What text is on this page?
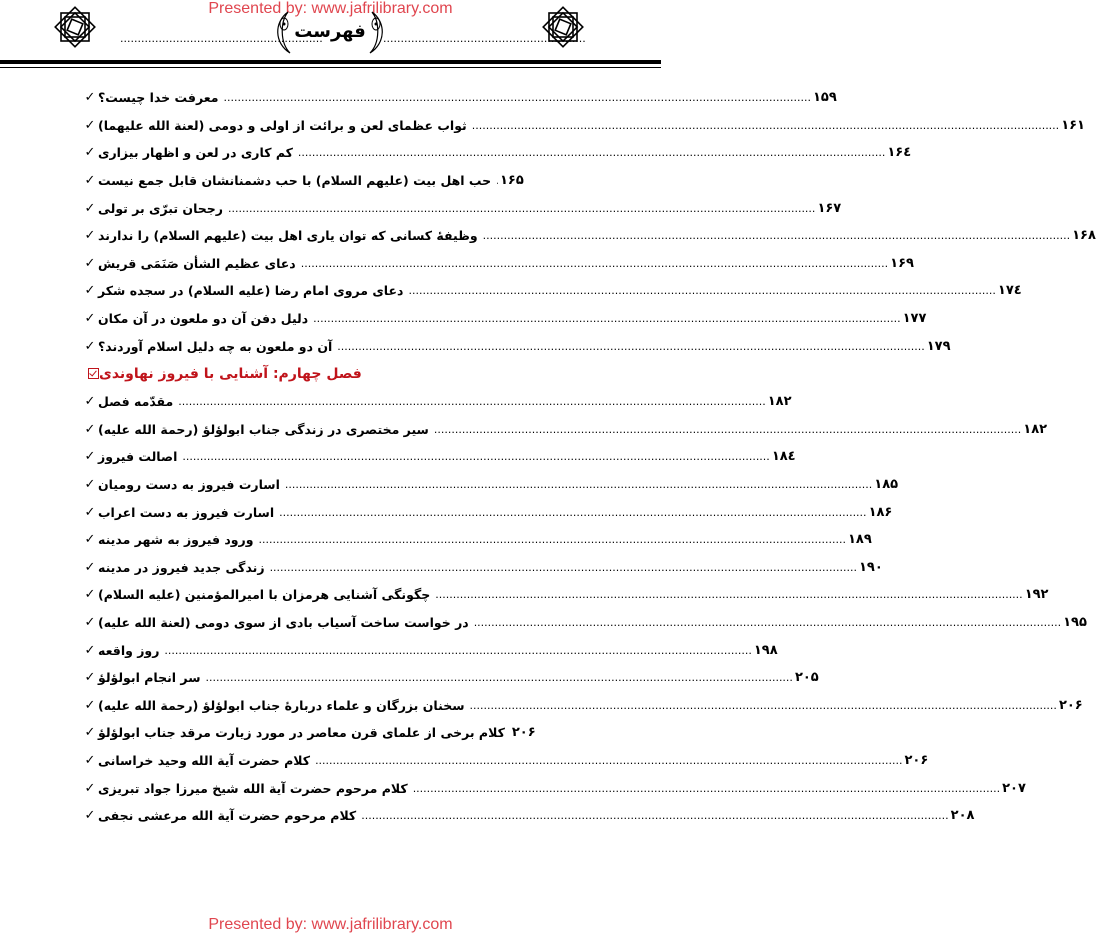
Presented by: www.jafrilibrary.com
..........................................................	..........................................................
فهرست
✓ معرفت خدا چیست؟ .....	۱۵۹
✓ ثواب عظمای لعن و برائت از اولی و دومی (لعنة الله علیهما) .....	۱۶۱
✓ کم کاری در لعن و اظهار بیزاری .....	۱۶٤
✓ حب اهل بیت (علیهم السلام) با حب دشمنانشان قابل جمع نیست ..... ۱۶۵
✓ رجحان تبرّی بر تولی .....	۱۶۷
✓ وظیفهٔ کسانی که توان یاری اهل بیت (علیهم السلام) را ندارند .....	۱۶۸
✓ دعای عظیم الشأن صَنَمَی قریش .....	۱۶۹
✓ دعای مروی امام رضا (علیه السلام) در سجده شکر .....	۱۷٤
✓ دلیل دفن آن دو ملعون در آن مکان .....	۱۷۷
✓ آن دو ملعون به چه دلیل اسلام آوردند؟ .....	۱۷۹
فصل چهارم: آشنایی با فیروز نهاوندی
✓ مقدّمه فصل .....	۱۸۲
✓ سیر مختصری در زندگی جناب ابولؤلؤ (رحمة الله علیه) .....	۱۸۲
✓ اصالت فیروز .....	۱۸٤
✓ اسارت فیروز به دست رومیان .....	۱۸۵
✓ اسارت فیروز به دست اعراب .....	۱۸۶
✓ ورود فیروز به شهر مدینه .....	۱۸۹
✓ زندگی جدید فیروز در مدینه .....	۱۹۰
✓ چگونگی آشنایی هرمزان با امیرالمؤمنین (علیه السلام) .....	۱۹۲
✓ در خواست ساخت آسیاب بادی از سوی دومی (لعنة الله علیه) .....	۱۹۵
✓ روز واقعه .....	۱۹۸
✓ سر انجام ابولؤلؤ .....	۲۰۵
✓ سخنان بزرگان و علماء دربارهٔ جناب ابولؤلؤ (رحمة الله علیه) .....	۲۰۶
✓ کلام برخی از علمای قرن معاصر در مورد زیارت مرقد جناب ابولؤلؤ ۲۰۶
✓ کلام حضرت آیة الله وحید خراسانی .....	۲۰۶
✓ کلام مرحوم حضرت آیة الله شیخ میرزا جواد تبریزی .....	۲۰۷
✓ کلام مرحوم حضرت آیة الله مرعشی نجفی .....	۲۰۸
Presented by: www.jafrilibrary.com
